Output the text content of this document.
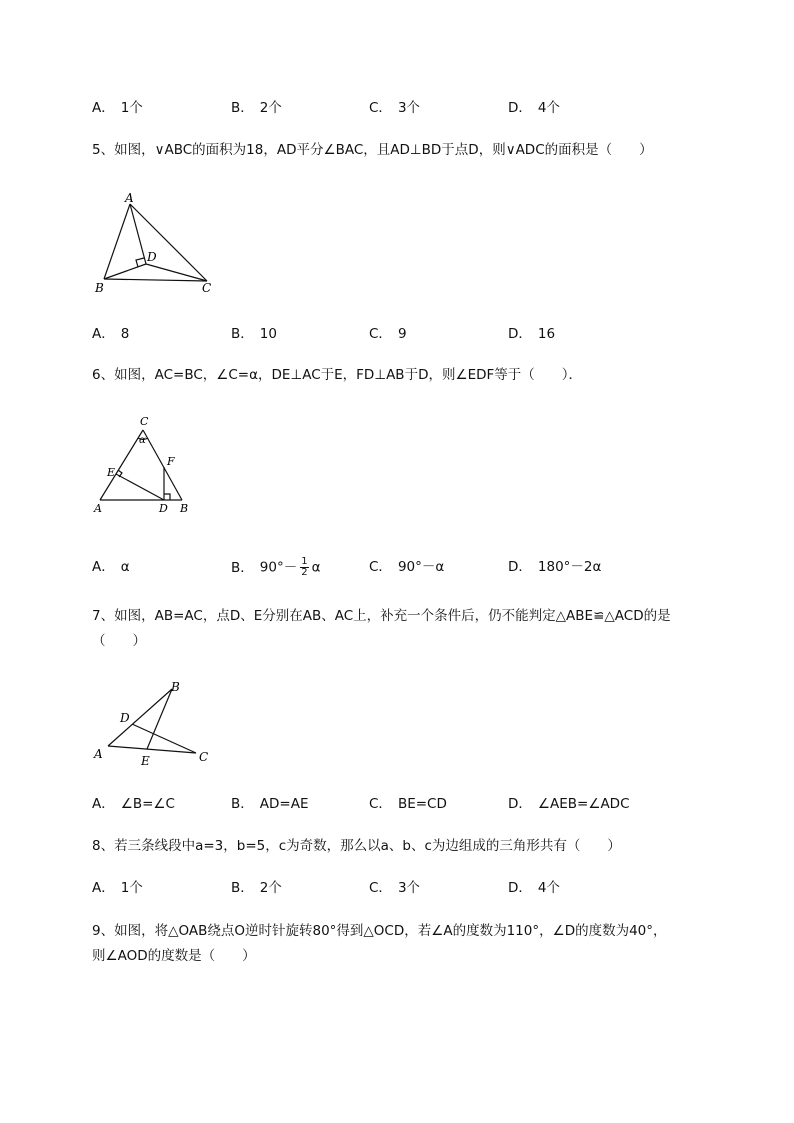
A． 1个	B． 2个	C． 3个	D． 4个
5、如图，∨ABC的面积为18，AD平分∠BAC，且AD⊥BD于点D，则∨ADC的面积是（　　）
A
B	C
D
A． 8	B． 10	C． 9	D． 16
6、如图，AC=BC，∠C=α，DE⊥AC于E，FD⊥AB于D，则∠EDF等于（　　）．
C
α
E
F
A	D B
A． α	B． $90^\circ- \frac{1}{2}$ α	C． 90°－α	D． 180°－2α
7、如图，AB=AC，点D、E分别在AB、AC上，补充一个条件后，仍不能判定△ABE≌△ACD的是
（　　）
B
D
A	E	C
A． ∠B=∠C	B． AD=AE	C． BE=CD	D． ∠AEB=∠ADC
8、若三条线段中a=3，b=5，c为奇数，那么以a、b、c为边组成的三角形共有（　　）
A． 1个	B． 2个	C． 3个	D． 4个
9、如图，将△OAB绕点O逆时针旋转80°得到△OCD，若∠A的度数为110°，∠D的度数为40°，
则∠AOD的度数是（　　）
